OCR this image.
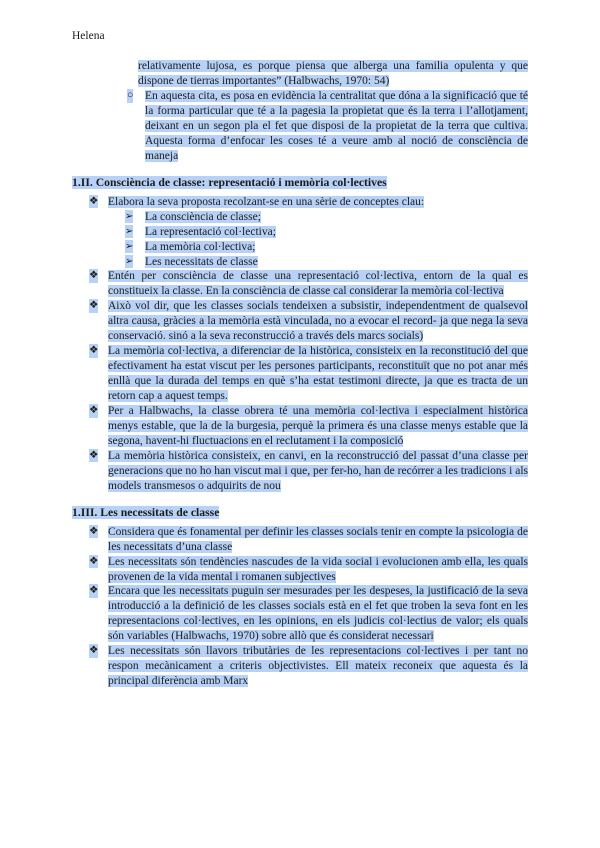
Helena

relativamente lujosa, es porque piensa que alberga una familia opulenta y que dispone de tierras importantes” (Halbwachs, 1970: 54)

○ En aquesta cita, es posa en evidència la centralitat que dóna a la significació que té la forma particular que té a la pagesia la propietat que és la terra i l’allotjament, deixant en un segon pla el fet que disposi de la propietat de la terra que cultiva. Aquesta forma d’enfocar les coses té a veure amb al noció de consciència de maneja
1.II. Consciència de classe: representació i memòria col·lectives
❖ Elabora la seva proposta recolzant-se en una sèrie de conceptes clau:
➢ La consciència de classe;
➢ La representació col·lectiva;
➢ La memòria col·lectiva;
➢ Les necessitats de classe
❖ Entén per consciència de classe una representació col·lectiva, entorn de la qual es constitueix la classe. En la consciència de classe cal considerar la memòria col·lectiva
❖ Això vol dir, que les classes socials tendeixen a subsistir, independentment de qualsevol altra causa, gràcies a la memòria està vinculada, no a evocar el record- ja que nega la seva conservació. sinó a la seva reconstrucció a través dels marcs socials)
❖ La memòria col·lectiva, a diferenciar de la històrica, consisteix en la reconstitució del que efectivament ha estat viscut per les persones participants, reconstituït que no pot anar més enllà que la durada del temps en què s’ha estat testimoni directe, ja que es tracta de un retorn cap a aquest temps.
❖ Per a Halbwachs, la classe obrera té una memòria col·lectiva i especialment històrica menys estable, que la de la burgesia, perquè la primera és una classe menys estable que la segona, havent-hi fluctuacions en el reclutament i la composició
❖ La memòria històrica consisteix, en canvi, en la reconstrucció del passat d’una classe per generacions que no ho han viscut mai i que, per fer-ho, han de recórrer a les tradicions i als models transmesos o adquirits de nou
1.III. Les necessitats de classe
❖ Considera que és fonamental per definir les classes socials tenir en compte la psicologia de les necessitats d’una classe
❖ Les necessitats són tendències nascudes de la vida social i evolucionen amb ella, les quals provenen de la vida mental i romanen subjectives
❖ Encara que les necessitats puguin ser mesurades per les despeses, la justificació de la seva introducció a la definició de les classes socials està en el fet que troben la seva font en les representacions col·lectives, en les opinions, en els judicis col·lectius de valor; els quals són variables (Halbwachs, 1970) sobre allò que és considerat necessari
❖ Les necessitats són llavors tributàries de les representacions col·lectives i per tant no respon mecànicament a criteris objectivistes. Ell mateix reconeix que aquesta és la principal diferència amb Marx
